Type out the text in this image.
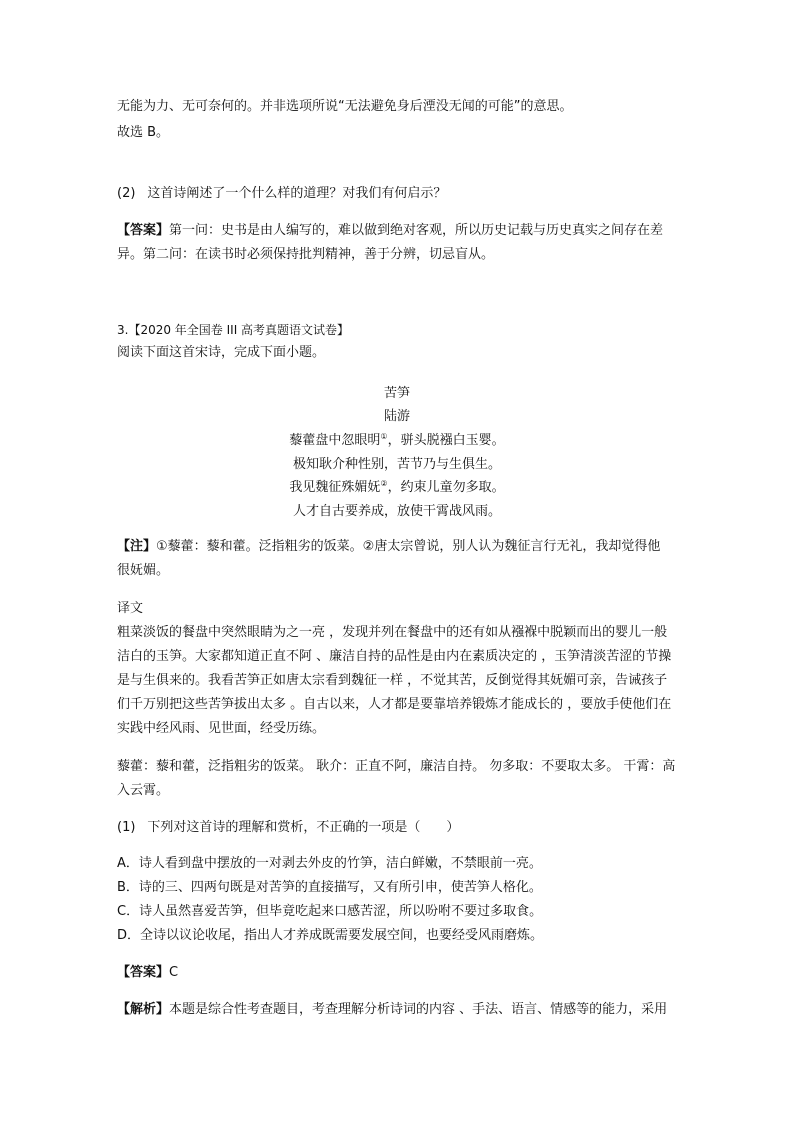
无能为力、无可奈何的。并非选项所说“无法避免身后湮没无闻的可能”的意思。
故选 B。
(2) 这首诗阐述了一个什么样的道理？对我们有何启示？
【答案】第一问：史书是由人编写的，难以做到绝对客观，所以历史记载与历史真实之间存在差
异。第二问：在读书时必须保持批判精神，善于分辨，切忌盲从。
3.【2020 年全国卷 III 高考真题语文试卷】
阅读下面这首宋诗，完成下面小题。
苦笋
陆游
藜藿盘中忽眼明①，骈头脱襁白玉婴。
极知耿介种性别，苦节乃与生俱生。
我见魏征殊媚妩②，约束儿童勿多取。
人才自古要养成，放使干霄战风雨。
【注】①藜藿：藜和藿。泛指粗劣的饭菜。②唐太宗曾说，别人认为魏征言行无礼，我却觉得他
很妩媚。
译文
粗菜淡饭的餐盘中突然眼睛为之一亮 ，发现并列在餐盘中的还有如从襁褓中脱颖而出的婴儿一般
洁白的玉笋。大家都知道正直不阿 、廉洁自持的品性是由内在素质决定的 ，玉笋清淡苦涩的节操
是与生俱来的。我看苦笋正如唐太宗看到魏征一样 ，不觉其苦，反倒觉得其妩媚可亲，告诫孩子
们千万别把这些苦笋拔出太多 。自古以来，人才都是要靠培养锻炼才能成长的 ，要放手使他们在
实践中经风雨、见世面，经受历练。
藜藿：藜和藿，泛指粗劣的饭菜。 耿介：正直不阿，廉洁自持。 勿多取：不要取太多。 干霄：高
入云霄。
(1) 下列对这首诗的理解和赏析，不正确的一项是（　　）
A．诗人看到盘中摆放的一对剥去外皮的竹笋，洁白鲜嫩，不禁眼前一亮。
B．诗的三、四两句既是对苦笋的直接描写，又有所引申，使苦笋人格化。
C．诗人虽然喜爱苦笋，但毕竟吃起来口感苦涩，所以吩咐不要过多取食。
D．全诗以议论收尾，指出人才养成既需要发展空间，也要经受风雨磨炼。
【答案】C
【解析】本题是综合性考查题目，考查理解分析诗词的内容 、手法、语言、情感等的能力，采用
